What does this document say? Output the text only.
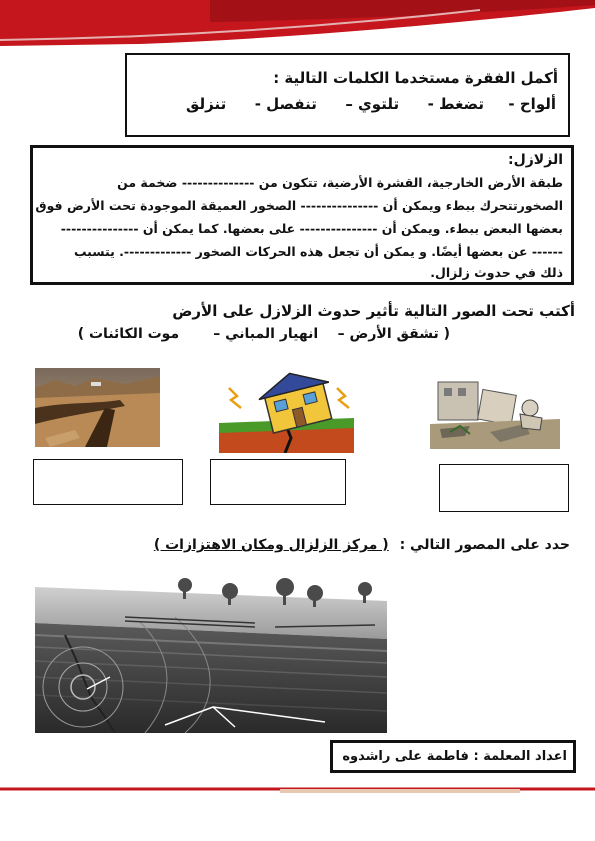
أكمل الفقرة مستخدما الكلمات التالية :
ألواح -  تضغط -  تلتوي –  تنفصل -  تنزلق
الزلازل:
طبقة الأرض الخارجية، القشرة الأرضية، تتكون من -------------- ضخمة من
الصخورتتحرك ببطء ويمكن أن --------------- الصخور العميقة الموجودة تحت الأرض فوق
بعضها البعض ببطء. ويمكن أن --------------- على بعضها. كما يمكن أن ---------------
------ عن بعضها أيضًا. و يمكن أن تجعل هذه الحركات الصخور -------------. يتسبب
ذلك في حدوث زلزال.
أكتب تحت الصور التالية تأثير حدوث الزلازل على الأرض
( تشقق الأرض –    انهيار المباني –       موت الكائنات )
حدد على المصور التالي : ( مركز الزلزال ومكان الاهتزازات )
اعداد المعلمة : فاطمة على راشدوه
